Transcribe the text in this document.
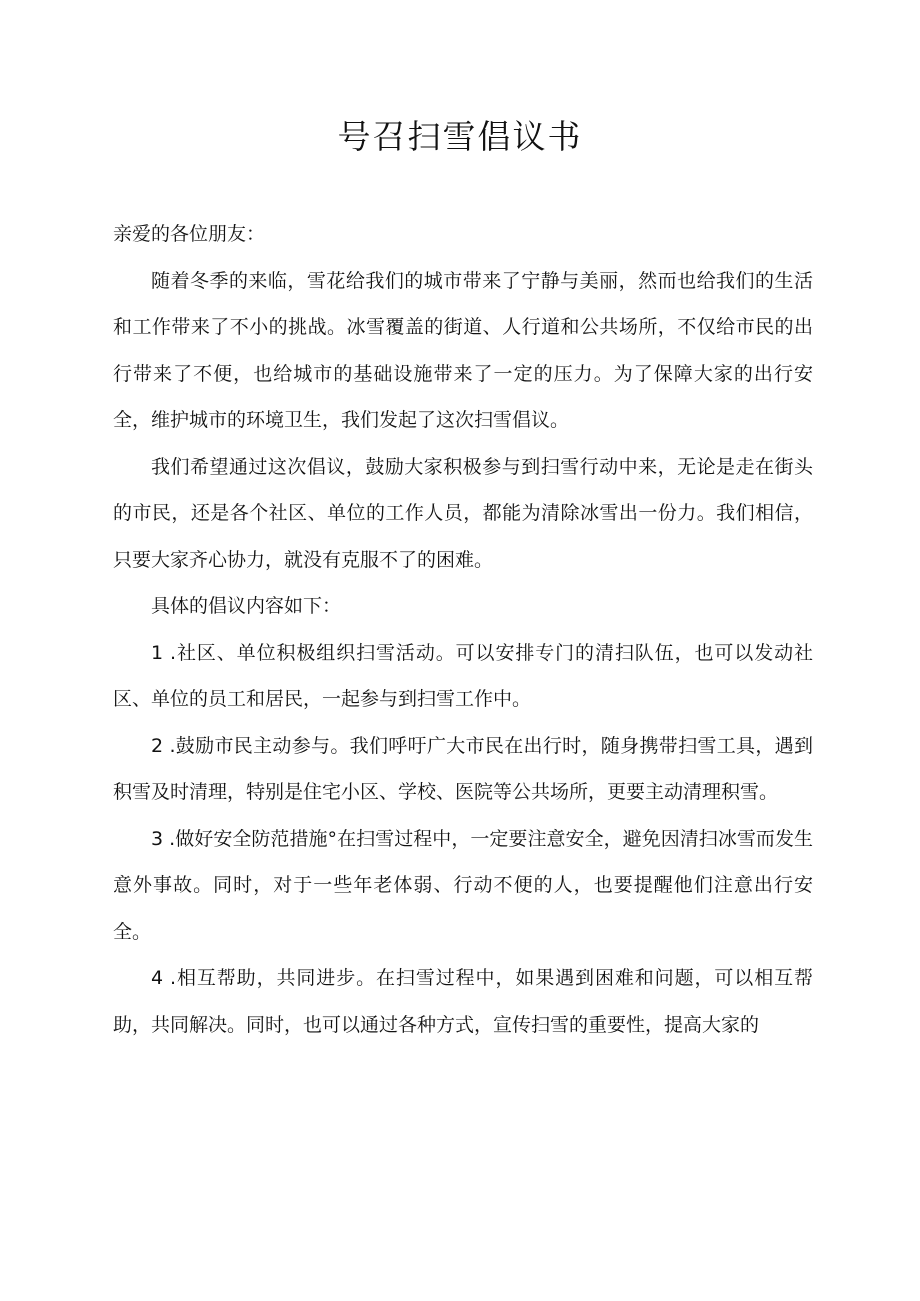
号召扫雪倡议书

亲爱的各位朋友：

随着冬季的来临，雪花给我们的城市带来了宁静与美丽，然而也给我们的生活和工作带来了不小的挑战。冰雪覆盖的街道、人行道和公共场所，不仅给市民的出行带来了不便，也给城市的基础设施带来了一定的压力。为了保障大家的出行安全，维护城市的环境卫生，我们发起了这次扫雪倡议。

我们希望通过这次倡议，鼓励大家积极参与到扫雪行动中来，无论是走在街头的市民，还是各个社区、单位的工作人员，都能为清除冰雪出一份力。我们相信，只要大家齐心协力，就没有克服不了的困难。

具体的倡议内容如下：

1 .社区、单位积极组织扫雪活动。可以安排专门的清扫队伍，也可以发动社区、单位的员工和居民，一起参与到扫雪工作中。

2 .鼓励市民主动参与。我们呼吁广大市民在出行时，随身携带扫雪工具，遇到积雪及时清理，特别是住宅小区、学校、医院等公共场所，更要主动清理积雪。

3 .做好安全防范措施°在扫雪过程中，一定要注意安全，避免因清扫冰雪而发生意外事故。同时，对于一些年老体弱、行动不便的人，也要提醒他们注意出行安全。

4 .相互帮助，共同进步。在扫雪过程中，如果遇到困难和问题，可以相互帮助，共同解决。同时，也可以通过各种方式，宣传扫雪的重要性，提高大家的
